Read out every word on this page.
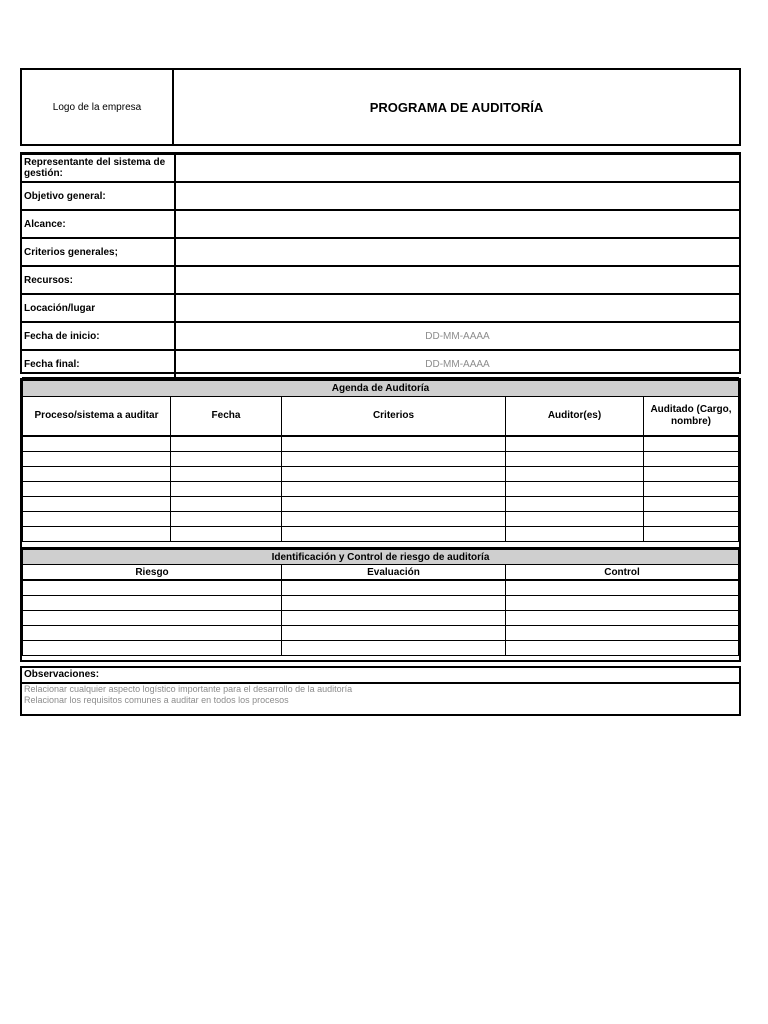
Logo de la empresa	PROGRAMA DE AUDITORÍA
Representante del sistema de gestión:	
Objetivo general:	
Alcance:	
Criterios generales;	
Recursos:	
Locación/lugar	
Fecha de inicio:	DD-MM-AAAA
Fecha final:	DD-MM-AAAA
Agenda de Auditoría				
Proceso/sistema a auditar	Fecha	Criterios	Auditor(es)	Auditado (Cargo, nombre)

Identificación y Control de riesgo de auditoría		
Riesgo	Evaluación	Control

Observaciones:
Relacionar cualquier aspecto logístico importante para el desarrollo de la auditoría
Relacionar los requisitos comunes a auditar en todos los procesos
